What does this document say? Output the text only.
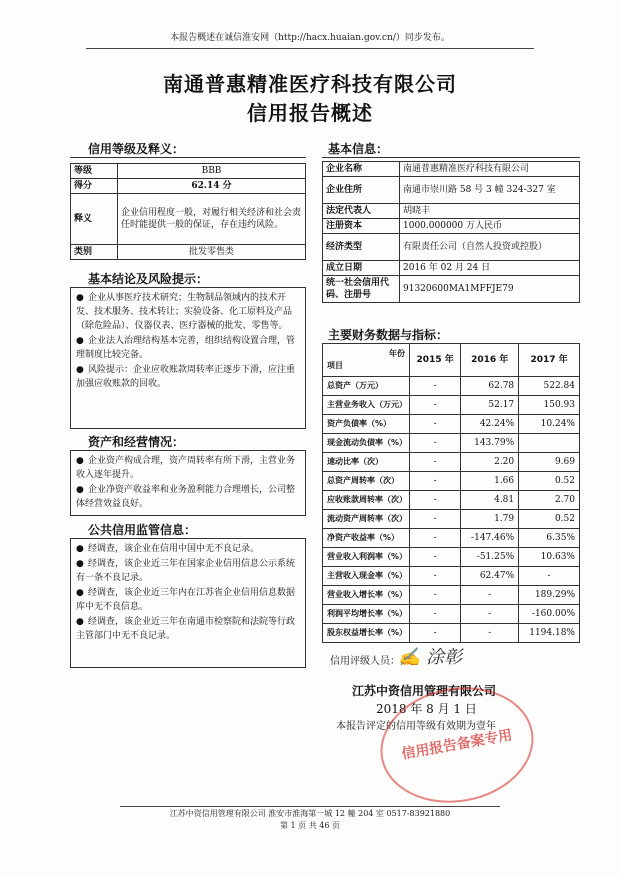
本报告概述在诚信淮安网（http://hacx.huaian.gov.cn/）同步发布。
南通普惠精准医疗科技有限公司
信用报告概述
信用等级及释义：
等级	BBB
得分	62.14 分
释义	企业信用程度一般，对履行相关经济和社会责任时能提供一般的保证，存在违约风险。
类别	批发零售类
基本结论及风险提示：

● 企业从事医疗技术研究；生物制品领域内的技术开发、技术服务、技术转让；实验设备、化工原料及产品（除危险品）、仪器仪表、医疗器械的批发、零售等。

● 企业法人治理结构基本完善，组织结构设置合理，管理制度比较完备。

● 风险提示：企业应收账款周转率正逐步下滑，应注重加强应收账款的回收。

资产和经营情况：

● 企业资产构成合理，资产周转率有所下滑，主营业务收入逐年提升。

● 企业净资产收益率和业务盈利能力合理增长，公司整体经营效益良好。

公共信用监管信息：

● 经调查，该企业在信用中国中无不良记录。

● 经调查，该企业近三年在国家企业信用信息公示系统有一条不良记录。

● 经调查，该企业近三年内在江苏省企业信用信息数据库中无不良信息。

● 经调查，该企业近三年在南通市检察院和法院等行政主管部门中无不良记录。

基本信息：
企业名称	南通普惠精准医疗科技有限公司
企业住所	南通市崇川路 58 号 3 幢 324-327 室
法定代表人	胡晓丰
注册资本	1000.000000 万人民币
经济类型	有限责任公司（自然人投资或控股）
成立日期	2016 年 02 月 24 日
统一社会信用代码、注册号	91320600MA1MFFJE79
主要财务数据与指标：
年份
项目	2015 年	2016 年	2017 年
总资产（万元）	-	62.78	522.84
主营业务收入（万元）	-	52.17	150.93
资产负债率（%）	-	42.24%	10.24%
现金流动负债率（%）	-	143.79%	
速动比率（次）	-	2.20	9.69
总资产周转率（次）	-	1.66	0.52
应收账款周转率（次）	-	4.81	2.70
流动资产周转率（次）	-	1.79	0.52
净资产收益率（%）	-	-147.46%	6.35%
营业收入利润率（%）	-	-51.25%	10.63%
主营收入现金率（%）	-	62.47%	-
营业收入增长率（%）	-	-	189.29%
利润平均增长率（%）	-	-	-160.00%
股东权益增长率（%）	-	-	1194.18%
信用评级人员：
✍ 涂彰
江苏中资信用管理有限公司
2018 年 8 月 1 日
本报告评定的信用等级有效期为壹年
信用报告备案专用
江苏中资信用管理有限公司 淮安市淮海第一城 12 幢 204 室 0517-83921880
第 1 页 共 46 页
